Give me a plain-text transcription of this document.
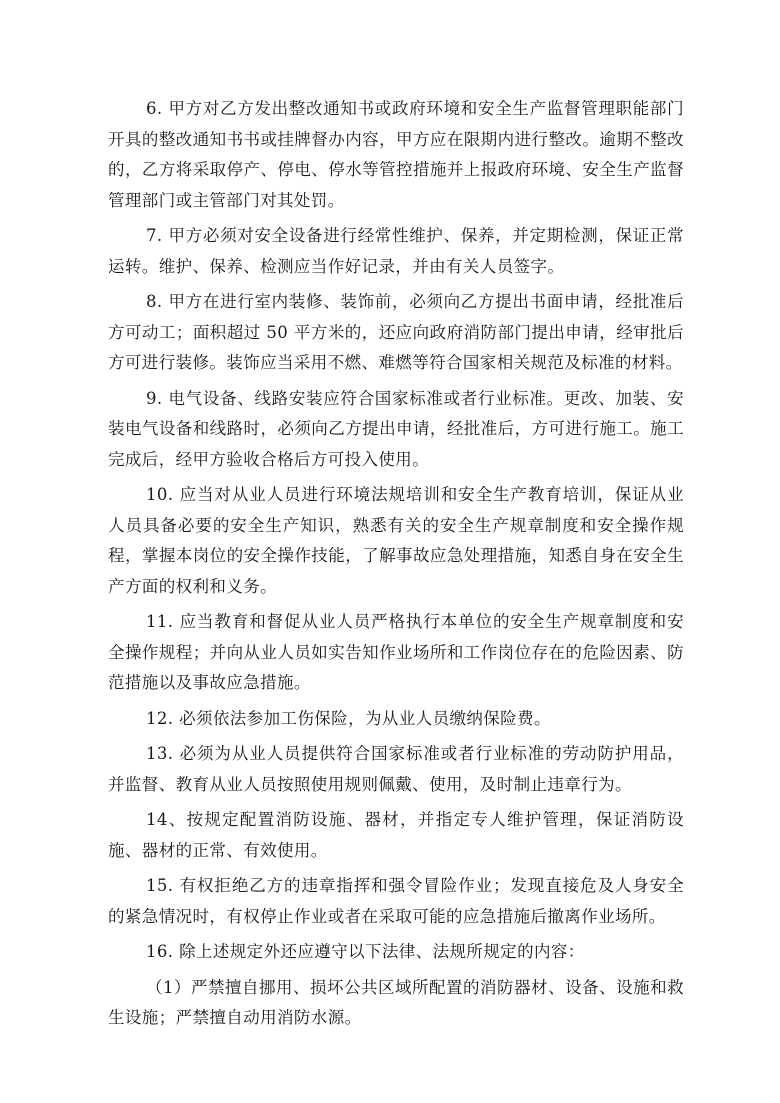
6. 甲方对乙方发出整改通知书或政府环境和安全生产监督管理职能部门开具的整改通知书书或挂牌督办内容，甲方应在限期内进行整改。逾期不整改的，乙方将采取停产、停电、停水等管控措施并上报政府环境、安全生产监督管理部门或主管部门对其处罚。

7. 甲方必须对安全设备进行经常性维护、保养，并定期检测，保证正常运转。维护、保养、检测应当作好记录，并由有关人员签字。

8. 甲方在进行室内装修、装饰前，必须向乙方提出书面申请，经批准后方可动工；面积超过 50 平方米的，还应向政府消防部门提出申请，经审批后方可进行装修。装饰应当采用不燃、难燃等符合国家相关规范及标准的材料。

9. 电气设备、线路安装应符合国家标准或者行业标准。更改、加装、安装电气设备和线路时，必须向乙方提出申请，经批准后，方可进行施工。施工完成后，经甲方验收合格后方可投入使用。

10. 应当对从业人员进行环境法规培训和安全生产教育培训，保证从业人员具备必要的安全生产知识，熟悉有关的安全生产规章制度和安全操作规程，掌握本岗位的安全操作技能，了解事故应急处理措施，知悉自身在安全生产方面的权利和义务。

11. 应当教育和督促从业人员严格执行本单位的安全生产规章制度和安全操作规程；并向从业人员如实告知作业场所和工作岗位存在的危险因素、防范措施以及事故应急措施。

12. 必须依法参加工伤保险，为从业人员缴纳保险费。

13. 必须为从业人员提供符合国家标准或者行业标准的劳动防护用品，并监督、教育从业人员按照使用规则佩戴、使用，及时制止违章行为。

14、按规定配置消防设施、器材，并指定专人维护管理，保证消防设施、器材的正常、有效使用。

15. 有权拒绝乙方的违章指挥和强令冒险作业；发现直接危及人身安全的紧急情况时，有权停止作业或者在采取可能的应急措施后撤离作业场所。

16. 除上述规定外还应遵守以下法律、法规所规定的内容：

（1）严禁擅自挪用、损坏公共区域所配置的消防器材、设备、设施和救生设施；严禁擅自动用消防水源。
